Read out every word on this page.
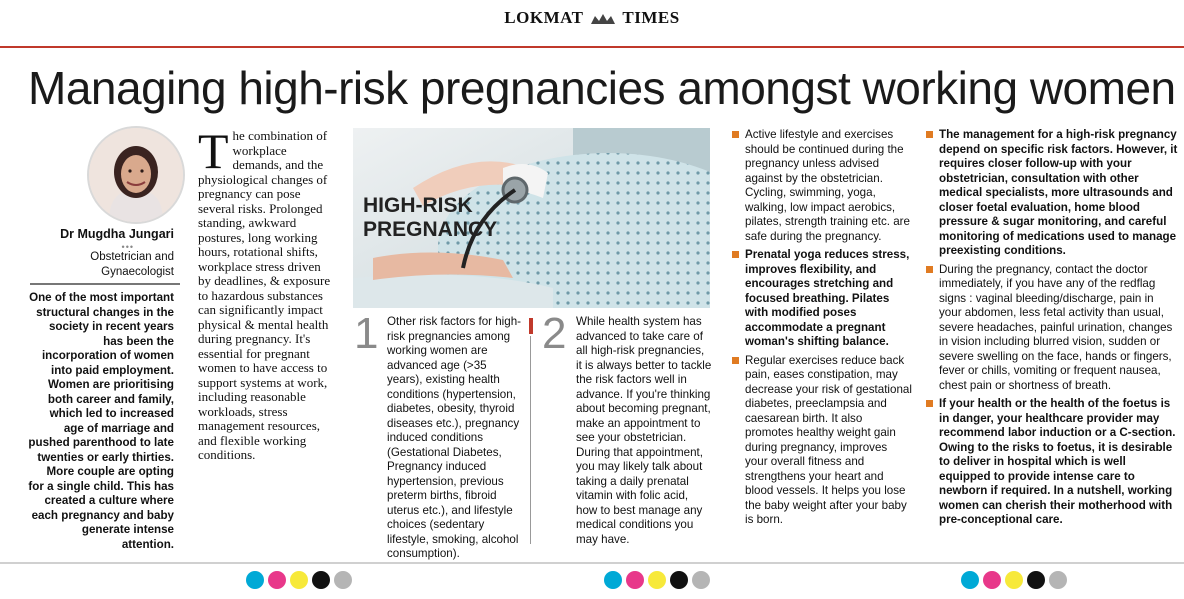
LOKMAT TIMES
Managing high-risk pregnancies amongst working women
Dr Mugdha Jungari
•••
Obstetrician and
Gynaecologist
One of the most important structural changes in the society in recent years has been the incorporation of women into paid employment. Women are prioritising both career and family, which led to increased age of marriage and pushed parenthood to late twenties or early thirties. More couple are opting for a single child. This has created a culture where each pregnancy and baby generate intense attention.
The combination of workplace demands, and the physiological changes of pregnancy can pose several risks. Prolonged standing, awkward postures, long working hours, rotational shifts, workplace stress driven by deadlines, & exposure to hazardous substances can significantly impact physical & mental health during pregnancy. It's essential for pregnant women to have access to support systems at work, including reasonable workloads, stress management resources, and flexible working conditions.
HIGH-RISK
PREGNANCY
1 Other risk factors for high-risk pregnancies among working women are advanced age (>35 years), existing health conditions (hypertension, diabetes, obesity, thyroid diseases etc.), pregnancy induced conditions (Gestational Diabetes, Pregnancy induced hypertension, previous preterm births, fibroid uterus etc.), and lifestyle choices (sedentary lifestyle, smoking, alcohol consumption).
2 While health system has advanced to take care of all high-risk pregnancies, it is always better to tackle the risk factors well in advance. If you're thinking about becoming pregnant, make an appointment to see your obstetrician. During that appointment, you may likely talk about taking a daily prenatal vitamin with folic acid, how to best manage any medical conditions you may have.
Active lifestyle and exercises should be continued during the pregnancy unless advised against by the obstetrician. Cycling, swimming, yoga, walking, low impact aerobics, pilates, strength training etc. are safe during the pregnancy.
Prenatal yoga reduces stress, improves flexibility, and encourages stretching and focused breathing. Pilates with modified poses accommodate a pregnant woman's shifting balance.
Regular exercises reduce back pain, eases constipation, may decrease your risk of gestational diabetes, preeclampsia and caesarean birth. It also promotes healthy weight gain during pregnancy, improves your overall fitness and strengthens your heart and blood vessels. It helps you lose the baby weight after your baby is born.
The management for a high-risk pregnancy depend on specific risk factors. However, it requires closer follow-up with your obstetrician, consultation with other medical specialists, more ultrasounds and closer foetal evaluation, home blood pressure & sugar monitoring, and careful monitoring of medications used to manage preexisting conditions.
During the pregnancy, contact the doctor immediately, if you have any of the redflag signs : vaginal bleeding/discharge, pain in your abdomen, less fetal activity than usual, severe headaches, painful urination, changes in vision including blurred vision, sudden or severe swelling on the face, hands or fingers, fever or chills, vomiting or frequent nausea, chest pain or shortness of breath.
If your health or the health of the foetus is in danger, your healthcare provider may recommend labor induction or a C-section. Owing to the risks to foetus, it is desirable to deliver in hospital which is well equipped to provide intense care to newborn if required. In a nutshell, working women can cherish their motherhood with pre-conceptional care.
